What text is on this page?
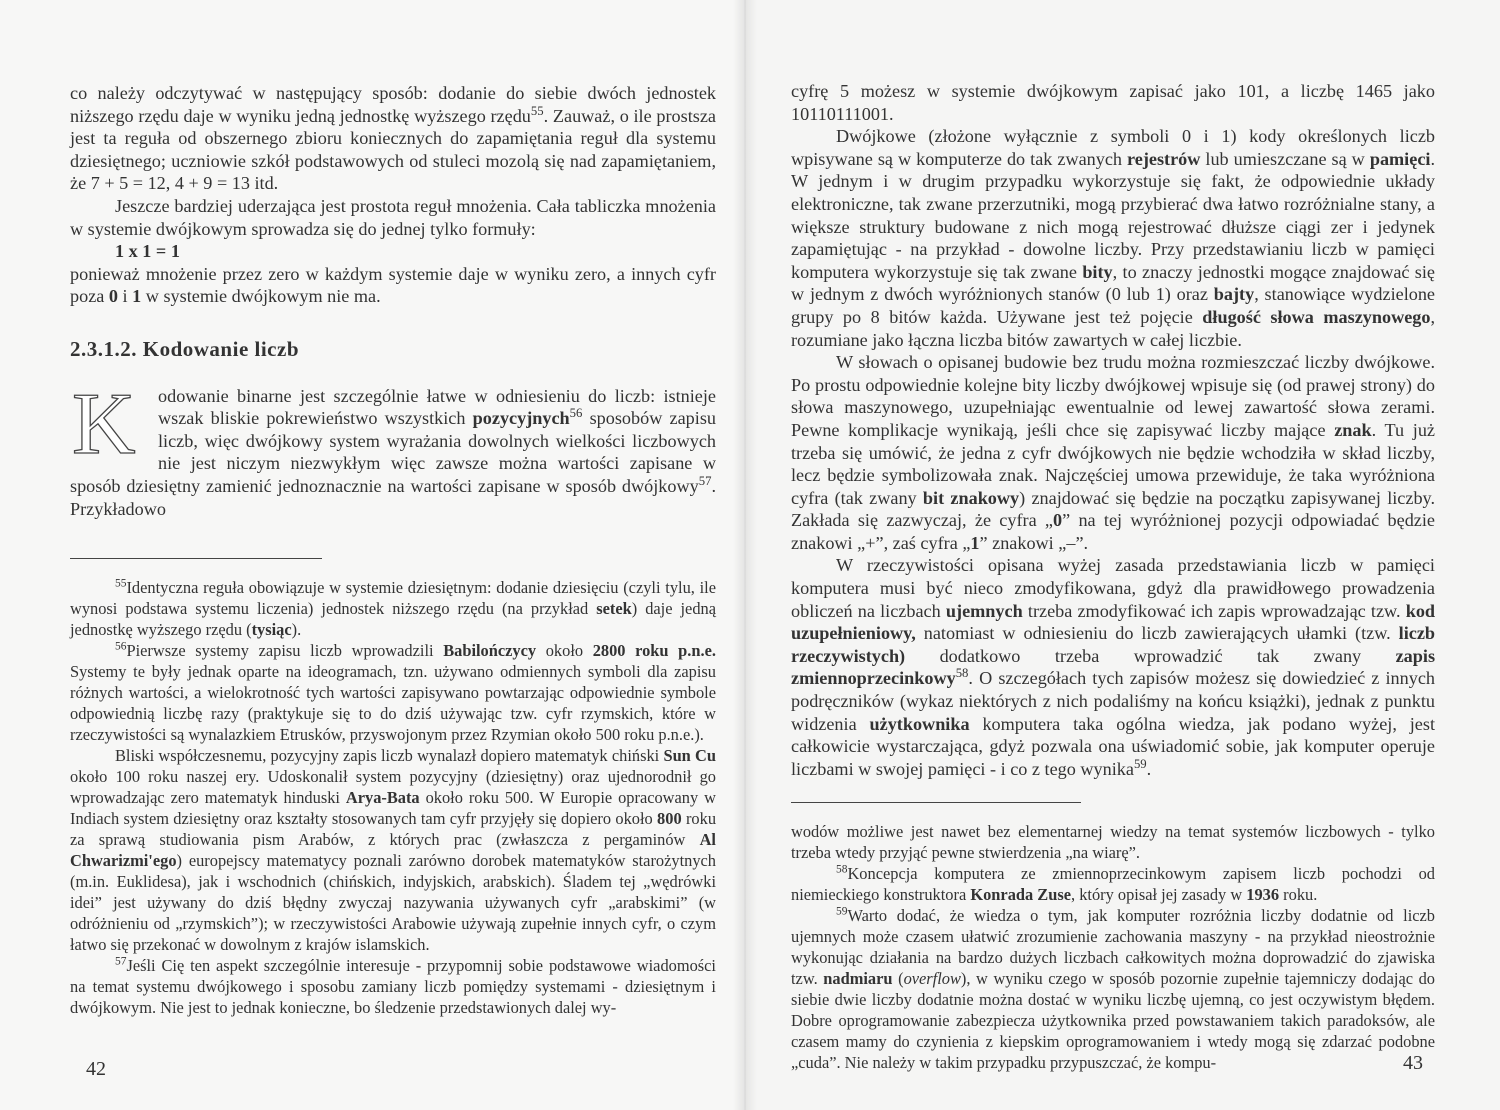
co należy odczytywać w następujący sposób: dodanie do siebie dwóch jednostek niższego rzędu daje w wyniku jedną jednostkę wyższego rzędu$^{55}$. Zauważ, o ile prostsza jest ta reguła od obszernego zbioru koniecznych do zapamiętania reguł dla systemu dziesiętnego; uczniowie szkół podstawowych od stuleci mozolą się nad zapamiętaniem, że 7 + 5 = 12, 4 + 9 = 13 itd.

Jeszcze bardziej uderzająca jest prostota reguł mnożenia. Cała tabliczka mnożenia w systemie dwójkowym sprowadza się do jednej tylko formuły:

1 x 1 = 1

ponieważ mnożenie przez zero w każdym systemie daje w wyniku zero, a innych cyfr poza 0 i 1 w systemie dwójkowym nie ma.

2.3.1.2. Kodowanie liczb

K odowanie binarne jest szczególnie łatwe w odniesieniu do liczb: istnieje wszak bliskie pokrewieństwo wszystkich pozycyjnych$^{56}$ sposobów zapisu liczb, więc dwójkowy system wyrażania dowolnych wielkości liczbowych nie jest niczym niezwykłym więc zawsze można wartości zapisane w sposób dziesiętny zamienić jednoznacznie na wartości zapisane w sposób dwójkowy$^{57}$. Przykładowo

$^{55}$Identyczna reguła obowiązuje w systemie dziesiętnym: dodanie dziesięciu (czyli tylu, ile wynosi podstawa systemu liczenia) jednostek niższego rzędu (na przykład setek) daje jedną jednostkę wyższego rzędu (tysiąc).

$^{56}$Pierwsze systemy zapisu liczb wprowadzili Babilończycy około 2800 roku p.n.e. Systemy te były jednak oparte na ideogramach, tzn. używano odmiennych symboli dla zapisu różnych wartości, a wielokrotność tych wartości zapisywano powtarzając odpowiednie symbole odpowiednią liczbę razy (praktykuje się to do dziś używając tzw. cyfr rzymskich, które w rzeczywistości są wynalazkiem Etrusków, przyswojonym przez Rzymian około 500 roku p.n.e.).

Bliski współczesnemu, pozycyjny zapis liczb wynalazł dopiero matematyk chiński Sun Cu około 100 roku naszej ery. Udoskonalił system pozycyjny (dziesiętny) oraz ujednorodnił go wprowadzając zero matematyk hinduski Arya-Bata około roku 500. W Europie opracowany w Indiach system dziesiętny oraz kształty stosowanych tam cyfr przyjęły się dopiero około 800 roku za sprawą studiowania pism Arabów, z których prac (zwłaszcza z pergaminów Al Chwarizmi'ego) europejscy matematycy poznali zarówno dorobek matematyków starożytnych (m.in. Euklidesa), jak i wschodnich (chińskich, indyjskich, arabskich). Śladem tej „wędrówki idei” jest używany do dziś błędny zwyczaj nazywania używanych cyfr „arabskimi” (w odróżnieniu od „rzymskich”); w rzeczywistości Arabowie używają zupełnie innych cyfr, o czym łatwo się przekonać w dowolnym z krajów islamskich.

$^{57}$Jeśli Cię ten aspekt szczególnie interesuje - przypomnij sobie podstawowe wiadomości na temat systemu dwójkowego i sposobu zamiany liczb pomiędzy systemami - dziesiętnym i dwójkowym. Nie jest to jednak konieczne, bo śledzenie przedstawionych dalej wy-

42

cyfrę 5 możesz w systemie dwójkowym zapisać jako 101, a liczbę 1465 jako 10110111001.

Dwójkowe (złożone wyłącznie z symboli 0 i 1) kody określonych liczb wpisywane są w komputerze do tak zwanych rejestrów lub umieszczane są w pamięci. W jednym i w drugim przypadku wykorzystuje się fakt, że odpowiednie układy elektroniczne, tak zwane przerzutniki, mogą przybierać dwa łatwo rozróżnialne stany, a większe struktury budowane z nich mogą rejestrować dłuższe ciągi zer i jedynek zapamiętując - na przykład - dowolne liczby. Przy przedstawianiu liczb w pamięci komputera wykorzystuje się tak zwane bity, to znaczy jednostki mogące znajdować się w jednym z dwóch wyróżnionych stanów (0 lub 1) oraz bajty, stanowiące wydzielone grupy po 8 bitów każda. Używane jest też pojęcie długość słowa maszynowego, rozumiane jako łączna liczba bitów zawartych w całej liczbie.

W słowach o opisanej budowie bez trudu można rozmieszczać liczby dwójkowe. Po prostu odpowiednie kolejne bity liczby dwójkowej wpisuje się (od prawej strony) do słowa maszynowego, uzupełniając ewentualnie od lewej zawartość słowa zerami. Pewne komplikacje wynikają, jeśli chce się zapisywać liczby mające znak. Tu już trzeba się umówić, że jedna z cyfr dwójkowych nie będzie wchodziła w skład liczby, lecz będzie symbolizowała znak. Najczęściej umowa przewiduje, że taka wyróżniona cyfra (tak zwany bit znakowy) znajdować się będzie na początku zapisywanej liczby. Zakłada się zazwyczaj, że cyfra „0” na tej wyróżnionej pozycji odpowiadać będzie znakowi „+”, zaś cyfra „1” znakowi „–”.

W rzeczywistości opisana wyżej zasada przedstawiania liczb w pamięci komputera musi być nieco zmodyfikowana, gdyż dla prawidłowego prowadzenia obliczeń na liczbach ujemnych trzeba zmodyfikować ich zapis wprowadzając tzw. kod uzupełnieniowy, natomiast w odniesieniu do liczb zawierających ułamki (tzw. liczb rzeczywistych) dodatkowo trzeba wprowadzić tak zwany zapis zmiennoprzecinkowy$^{58}$. O szczegółach tych zapisów możesz się dowiedzieć z innych podręczników (wykaz niektórych z nich podaliśmy na końcu książki), jednak z punktu widzenia użytkownika komputera taka ogólna wiedza, jak podano wyżej, jest całkowicie wystarczająca, gdyż pozwala ona uświadomić sobie, jak komputer operuje liczbami w swojej pamięci - i co z tego wynika$^{59}$.

wodów możliwe jest nawet bez elementarnej wiedzy na temat systemów liczbowych - tylko trzeba wtedy przyjąć pewne stwierdzenia „na wiarę”.

$^{58}$Koncepcja komputera ze zmiennoprzecinkowym zapisem liczb pochodzi od niemieckiego konstruktora Konrada Zuse, który opisał jej zasady w 1936 roku.

$^{59}$Warto dodać, że wiedza o tym, jak komputer rozróżnia liczby dodatnie od liczb ujemnych może czasem ułatwić zrozumienie zachowania maszyny - na przykład nieostrożnie wykonując działania na bardzo dużych liczbach całkowitych można doprowadzić do zjawiska tzw. nadmiaru (overflow), w wyniku czego w sposób pozornie zupełnie tajemniczy dodając do siebie dwie liczby dodatnie można dostać w wyniku liczbę ujemną, co jest oczywistym błędem. Dobre oprogramowanie zabezpiecza użytkownika przed powstawaniem takich paradoksów, ale czasem mamy do czynienia z kiepskim oprogramowaniem i wtedy mogą się zdarzać podobne „cuda”. Nie należy w takim przypadku przypuszczać, że kompu-	43
